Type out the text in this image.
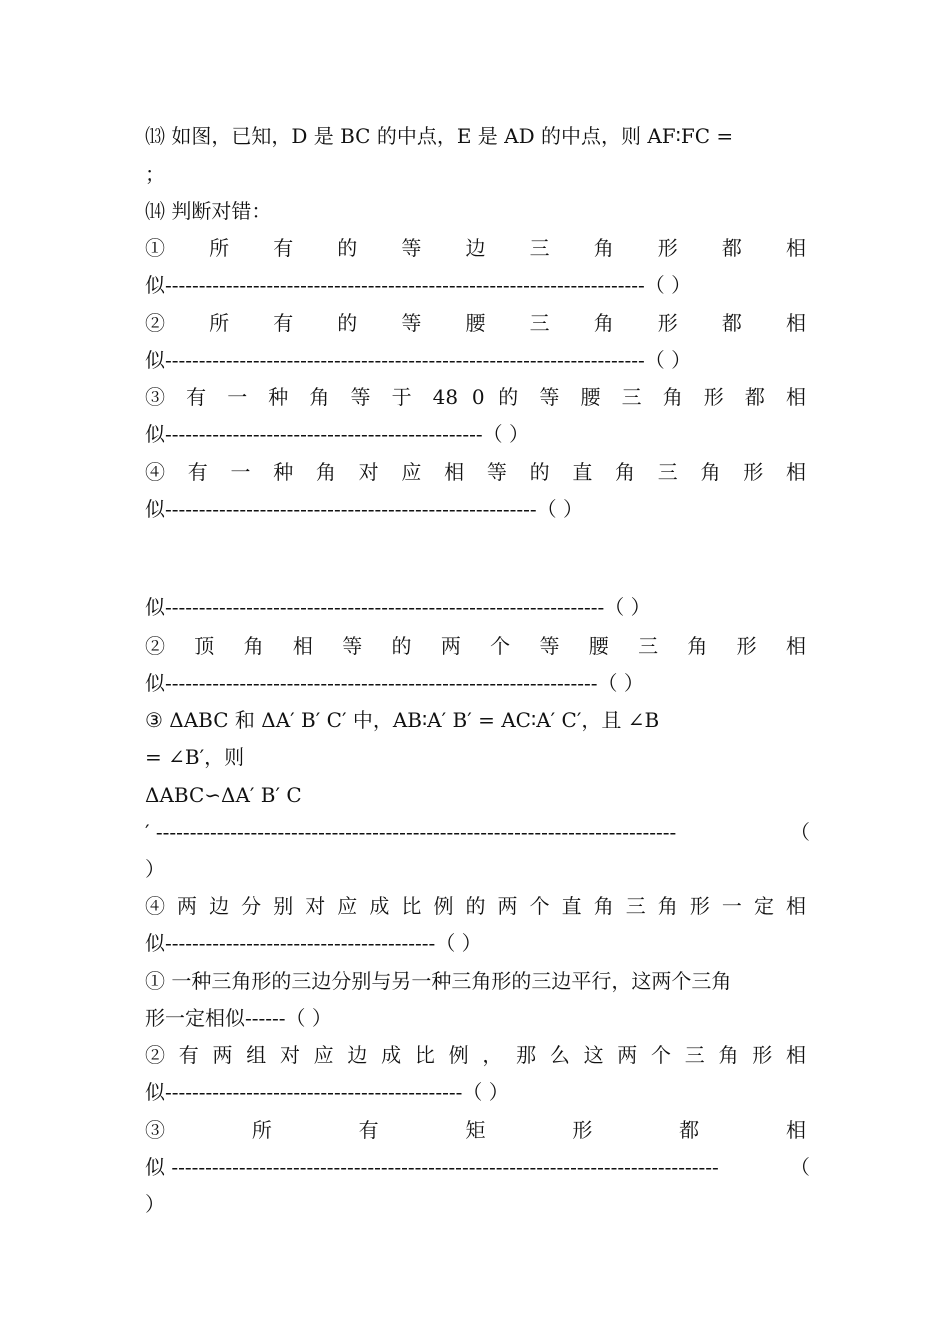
⒀ 如图，已知，D 是 BC 的中点，E 是 AD 的中点，则 AF∶FC =
；
⒁ 判断对错：
① 所 有 的 等 边 三 角 形 都 相
似-----------------------------------------------------------------------（ ）
② 所 有 的 等 腰 三 角 形 都 相
似-----------------------------------------------------------------------（ ）
③ 有 一 种 角 等 于 48 0 的 等 腰 三 角 形 都 相
似-----------------------------------------------（ ）
④ 有 一 种 角 对 应 相 等 的 直 角 三 角 形 相
似-------------------------------------------------------（ ）
似-----------------------------------------------------------------（ ）
② 顶 角 相 等 的 两 个 等 腰 三 角 形 相
似----------------------------------------------------------------（ ）
③ ΔABC 和 ΔA′ B′ C′ 中，AB∶A′ B′ = AC∶A′ C′，且 ∠B
= ∠B′，则
ΔABC∽ΔA′ B′ C
′ -----------------------------------------------------------------------------	（
）
④ 两 边 分 别 对 应 成 比 例 的 两 个 直 角 三 角 形 一 定 相
似----------------------------------------（ ）
① 一种三角形的三边分别与另一种三角形的三边平行，这两个三角
形一定相似------（ ）
② 有 两 组 对 应 边 成 比 例 ， 那 么 这 两 个 三 角 形 相
似--------------------------------------------（ ）
③ 所 有 矩 形 都 相
似 ---------------------------------------------------------------------------------	（
）
